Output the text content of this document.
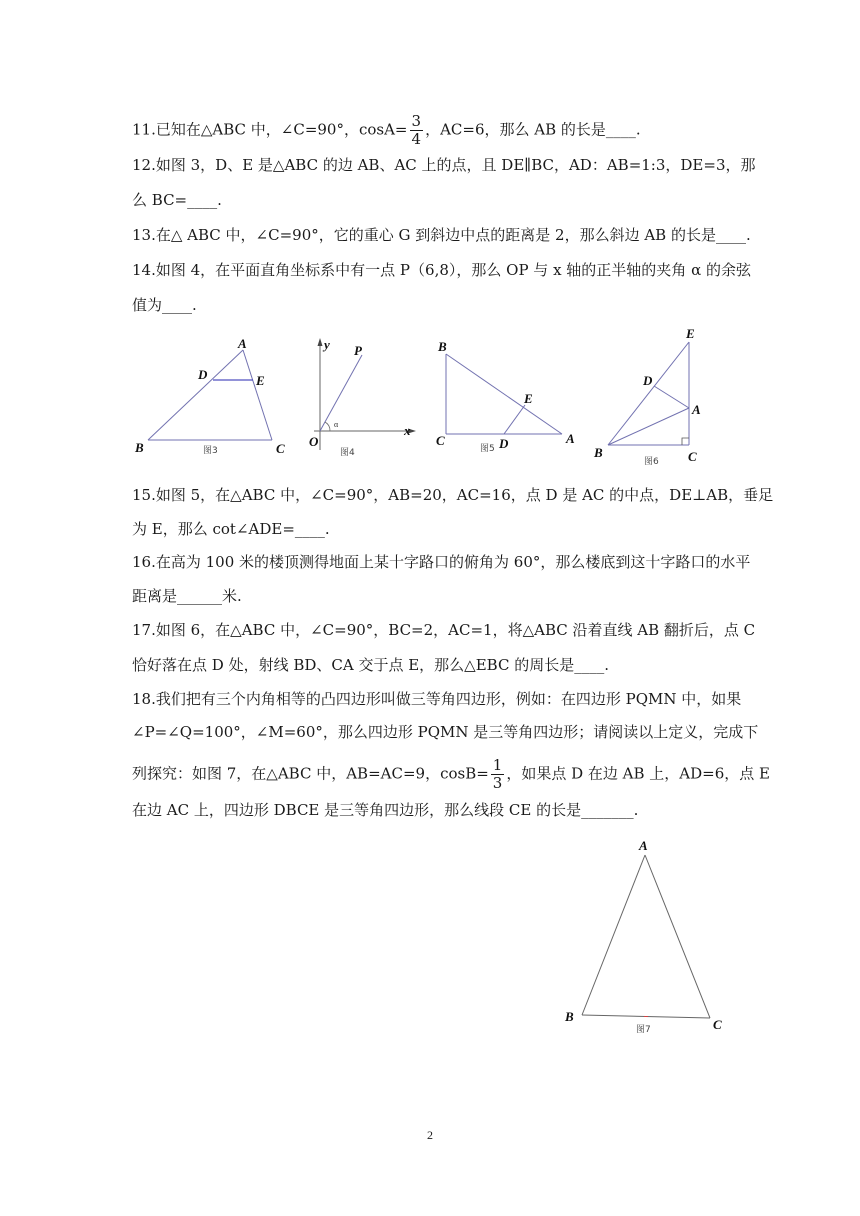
11.已知在△ABC 中，∠C=90°，$\cos A= \frac{3}{4}$ ，AC=6，那么 AB 的长是____.
12.如图 3，D、E 是△ABC 的边 AB、AC 上的点，且 DE∥BC，AD：AB=1:3，DE=3，那
么 BC=____.
13.在△ ABC 中，∠C=90°，它的重心 G 到斜边中点的距离是 2，那么斜边 AB 的长是____.
14.如图 4，在平面直角坐标系中有一点 P（6,8），那么 OP 与 x 轴的正半轴的夹角 α 的余弦
值为____.
A
D	E
B	C
图3
y P
O
x
α
图4
B
E
C	D	A
图5
E
D
A
B	C
图6
15.如图 5，在△ABC 中，∠C=90°，AB=20，AC=16，点 D 是 AC 的中点，DE⊥AB，垂足
为 E，那么 cot∠ADE=____.
16.在高为 100 米的楼顶测得地面上某十字路口的俯角为 60°，那么楼底到这十字路口的水平
距离是______米.
17.如图 6，在△ABC 中，∠C=90°，BC=2，AC=1，将△ABC 沿着直线 AB 翻折后，点 C
恰好落在点 D 处，射线 BD、CA 交于点 E，那么△EBC 的周长是____.
18.我们把有三个内角相等的凸四边形叫做三等角四边形，例如：在四边形 PQMN 中，如果
∠P=∠Q=100°，∠M=60°，那么四边形 PQMN 是三等角四边形；请阅读以上定义，完成下
列探究：如图 7，在△ABC 中，AB=AC=9，$\cos B= \frac{1}{3}$ ，如果点 D 在边 AB 上，AD=6，点 E
在边 AC 上，四边形 DBCE 是三等角四边形，那么线段 CE 的长是_______.
A
B
C
图7
2
